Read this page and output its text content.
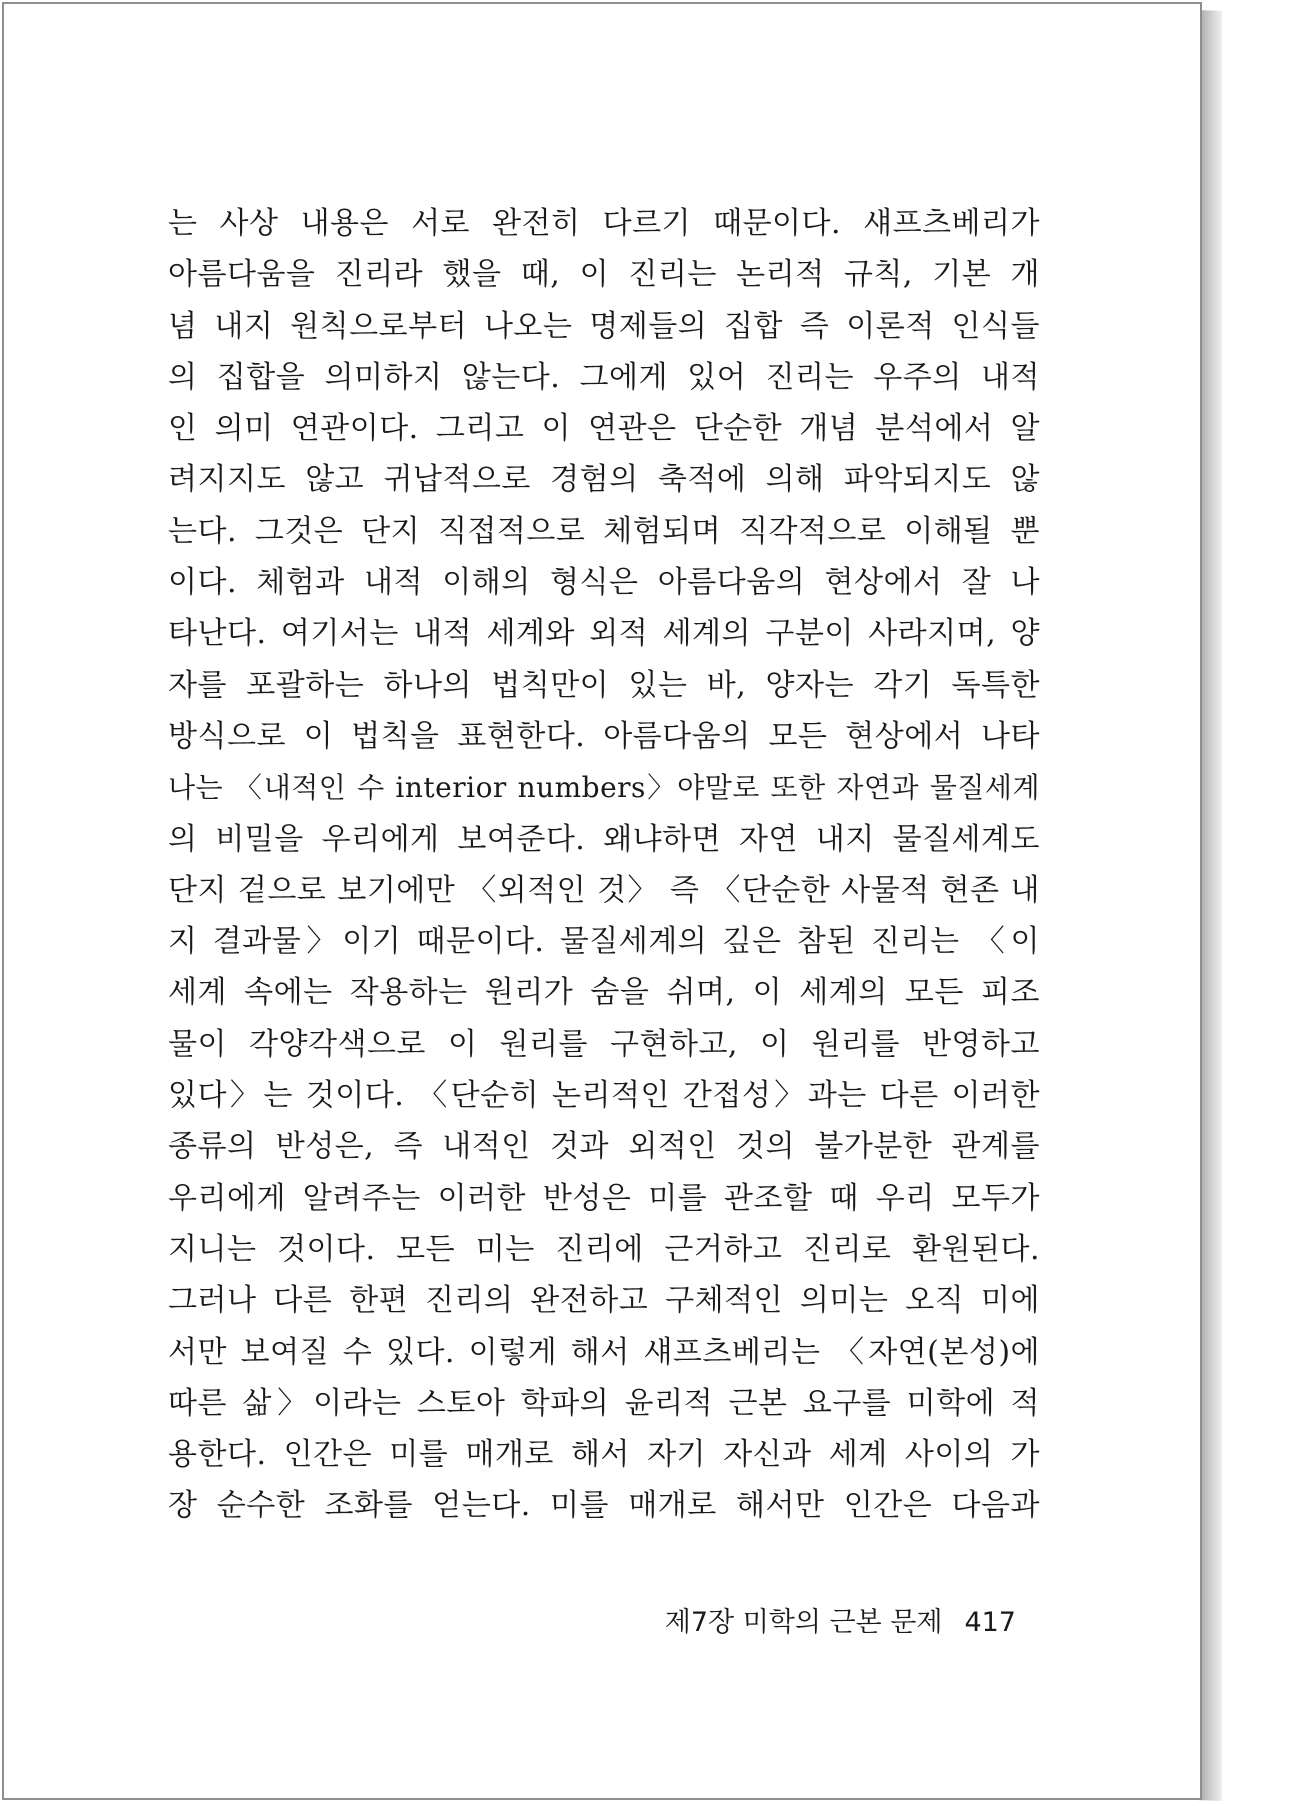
는 사상 내용은 서로 완전히 다르기 때문이다. 섀프츠베리가
아름다움을 진리라 했을 때, 이 진리는 논리적 규칙, 기본 개
념 내지 원칙으로부터 나오는 명제들의 집합 즉 이론적 인식들
의 집합을 의미하지 않는다. 그에게 있어 진리는 우주의 내적
인 의미 연관이다. 그리고 이 연관은 단순한 개념 분석에서 알
려지지도 않고 귀납적으로 경험의 축적에 의해 파악되지도 않
는다. 그것은 단지 직접적으로 체험되며 직각적으로 이해될 뿐
이다. 체험과 내적 이해의 형식은 아름다움의 현상에서 잘 나
타난다. 여기서는 내적 세계와 외적 세계의 구분이 사라지며, 양
자를 포괄하는 하나의 법칙만이 있는 바, 양자는 각기 독특한
방식으로 이 법칙을 표현한다. 아름다움의 모든 현상에서 나타
나는 〈내적인 수 interior numbers〉야말로 또한 자연과 물질세계
의 비밀을 우리에게 보여준다. 왜냐하면 자연 내지 물질세계도
단지 겉으로 보기에만 〈외적인 것〉 즉 〈단순한 사물적 현존 내
지 결과물〉이기 때문이다. 물질세계의 깊은 참된 진리는 〈이
세계 속에는 작용하는 원리가 숨을 쉬며, 이 세계의 모든 피조
물이 각양각색으로 이 원리를 구현하고, 이 원리를 반영하고
있다〉는 것이다. 〈단순히 논리적인 간접성〉과는 다른 이러한
종류의 반성은, 즉 내적인 것과 외적인 것의 불가분한 관계를
우리에게 알려주는 이러한 반성은 미를 관조할 때 우리 모두가
지니는 것이다. 모든 미는 진리에 근거하고 진리로 환원된다.
그러나 다른 한편 진리의 완전하고 구체적인 의미는 오직 미에
서만 보여질 수 있다. 이렇게 해서 섀프츠베리는 〈자연(본성)에
따른 삶〉이라는 스토아 학파의 윤리적 근본 요구를 미학에 적
용한다. 인간은 미를 매개로 해서 자기 자신과 세계 사이의 가
장 순수한 조화를 얻는다. 미를 매개로 해서만 인간은 다음과
제7장 미학의 근본 문제 417
